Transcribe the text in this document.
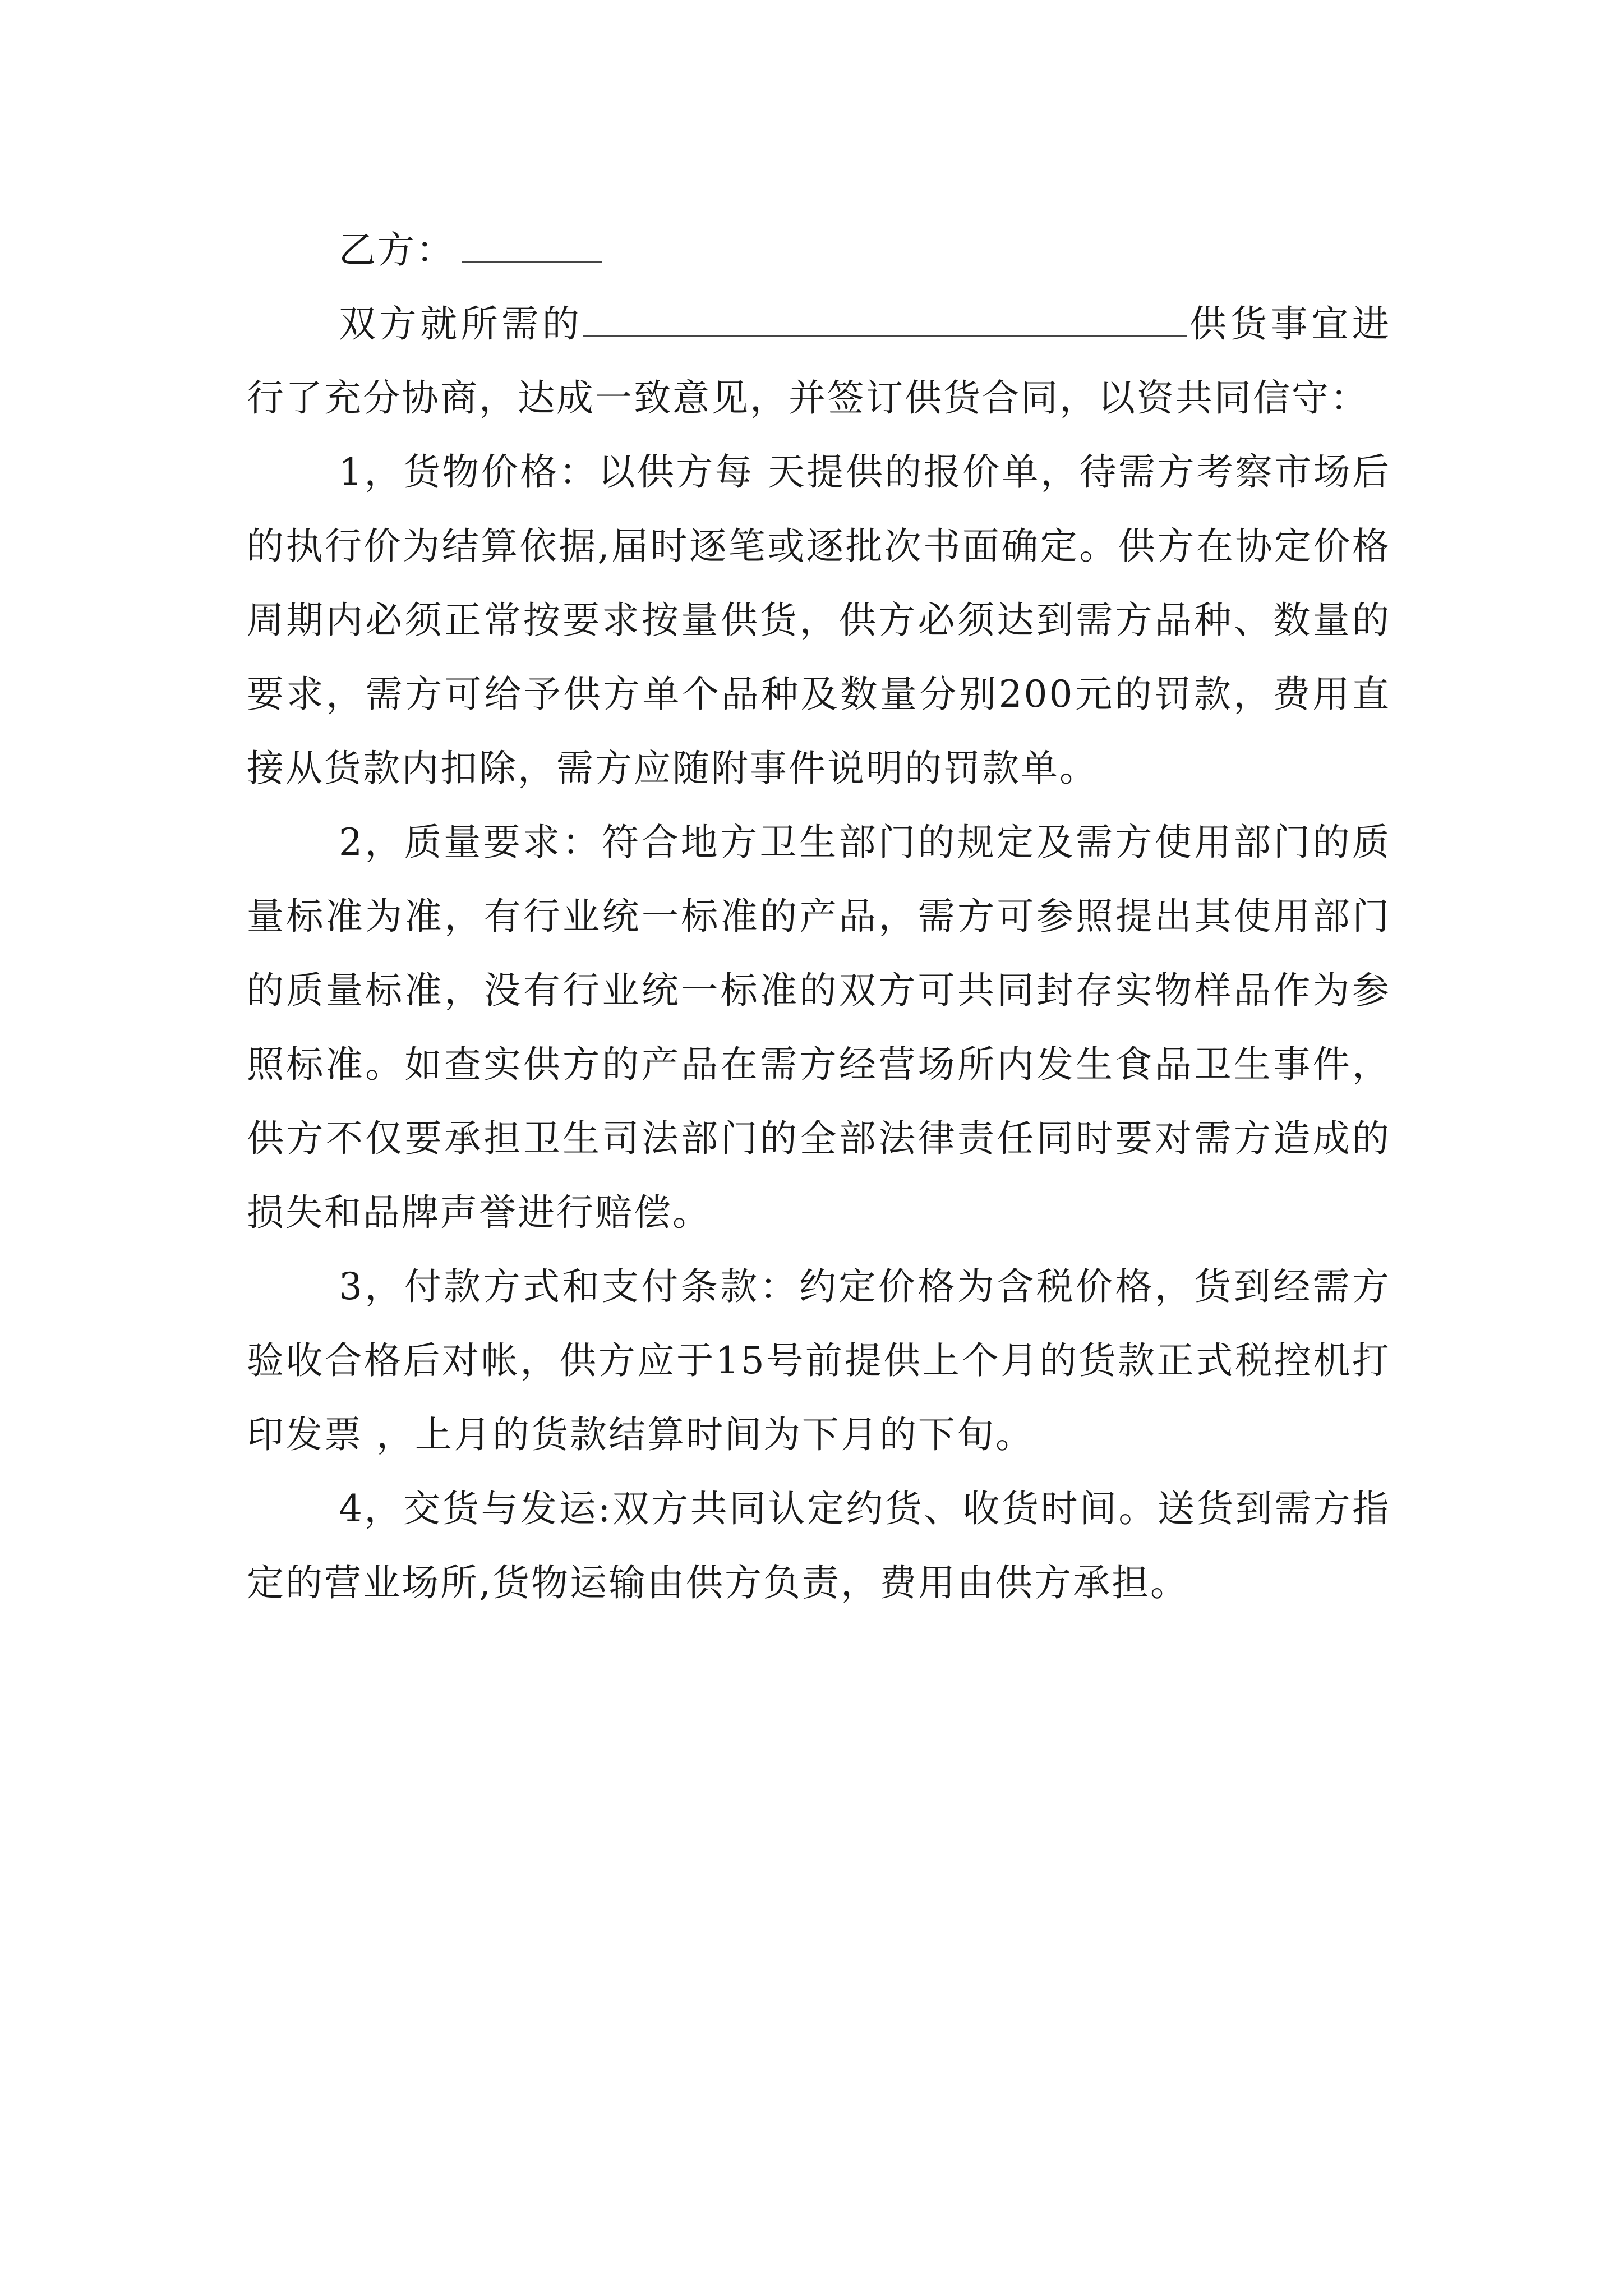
乙方：

双方就所需的	供货事宜进行了充分协商，达成一致意见，并签订供货合同，以资共同信守：

1，货物价格：以供方每 天提供的报价单，待需方考察市场后的执行价为结算依据,届时逐笔或逐批次书面确定。供方在协定价格周期内必须正常按要求按量供货，供方必须达到需方品种、数量的要求，需方可给予供方单个品种及数量分别200元的罚款，费用直接从货款内扣除，需方应随附事件说明的罚款单。

2，质量要求：符合地方卫生部门的规定及需方使用部门的质量标准为准，有行业统一标准的产品，需方可参照提出其使用部门的质量标准，没有行业统一标准的双方可共同封存实物样品作为参照标准。如查实供方的产品在需方经营场所内发生食品卫生事件，供方不仅要承担卫生司法部门的全部法律责任同时要对需方造成的损失和品牌声誉进行赔偿。

3，付款方式和支付条款：约定价格为含税价格，货到经需方验收合格后对帐，供方应于15号前提供上个月的货款正式税控机打印发票 ，上月的货款结算时间为下月的下旬。

4，交货与发运:双方共同认定约货、收货时间。送货到需方指定的营业场所,货物运输由供方负责，费用由供方承担。
